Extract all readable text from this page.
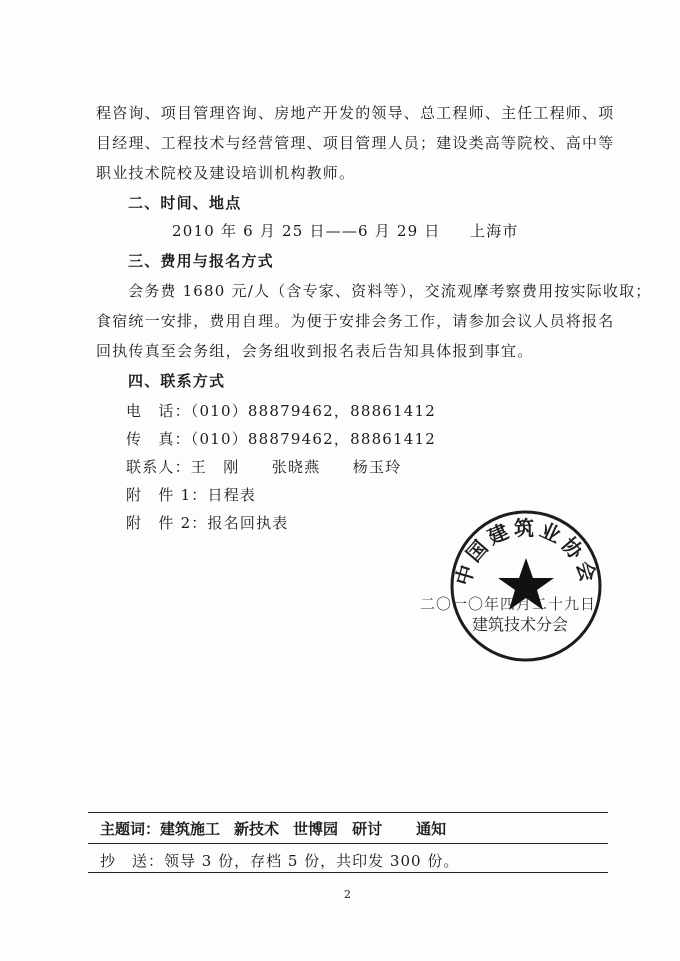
程咨询、项目管理咨询、房地产开发的领导、总工程师、主任工程师、项
目经理、工程技术与经营管理、项目管理人员；建设类高等院校、高中等
职业技术院校及建设培训机构教师。
二、时间、地点
2010 年 6 月 25 日——6 月 29 日 上海市
三、费用与报名方式
会务费 1680 元/人（含专家、资料等），交流观摩考察费用按实际收取；
食宿统一安排，费用自理。为便于安排会务工作，请参加会议人员将报名
回执传真至会务组，会务组收到报名表后告知具体报到事宜。
四、联系方式
电　话：（010）88879462，88861412
传　真：（010）88879462，88861412
联系人：王　刚　　张晓燕　　杨玉玲
附　件 1：日程表
附　件 2：报名回执表
二〇一〇年四月二十九日
中国建筑业协会
建筑技术分会
主题词：建筑施工 新技术 世博园 研讨 通知
抄　送：领导 3 份，存档 5 份，共印发 300 份。
2
